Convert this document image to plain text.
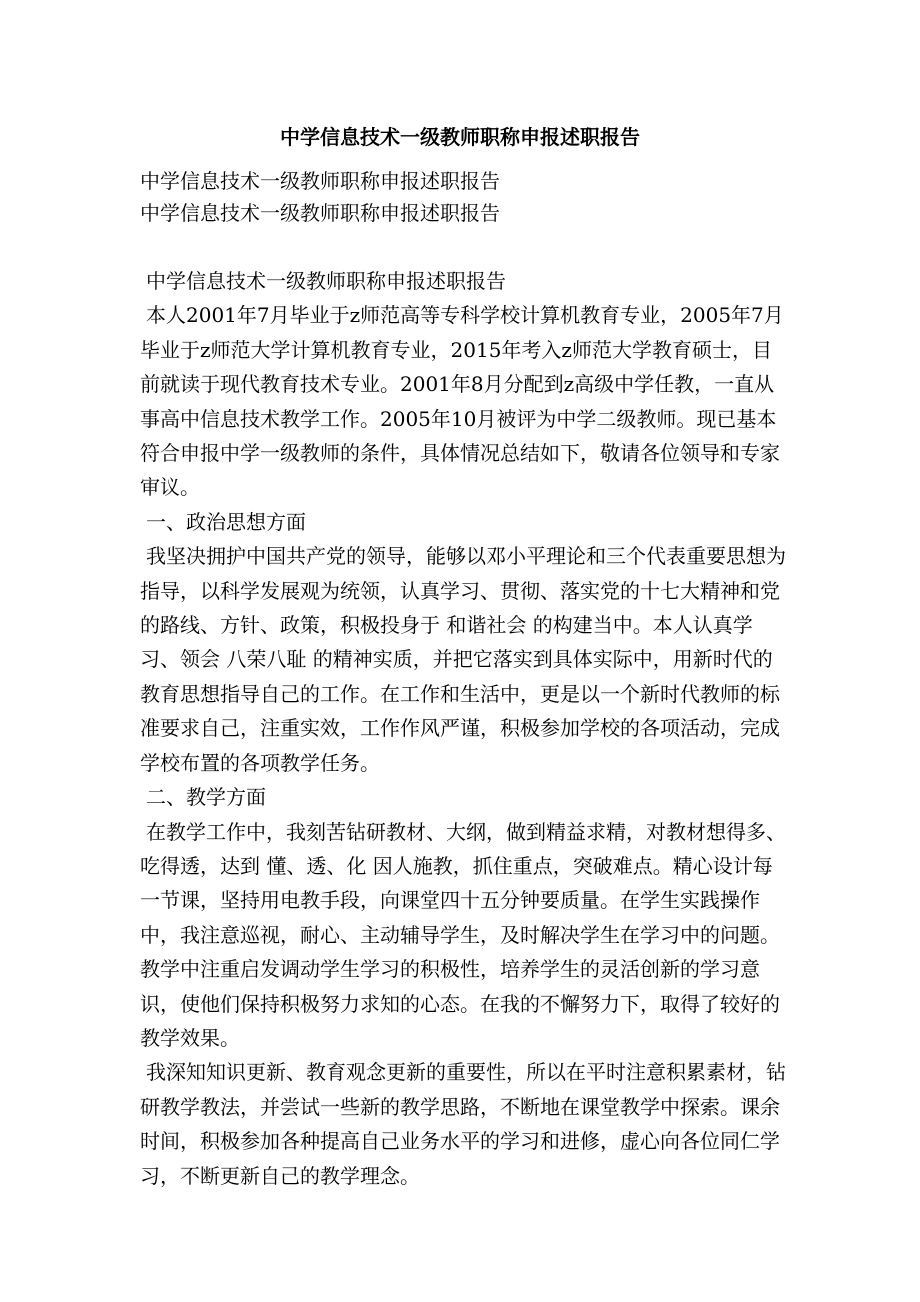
中学信息技术一级教师职称申报述职报告
中学信息技术一级教师职称申报述职报告
中学信息技术一级教师职称申报述职报告

中学信息技术一级教师职称申报述职报告

本人2001年7月毕业于z师范高等专科学校计算机教育专业，2005年7月毕业于z师范大学计算机教育专业，2015年考入z师范大学教育硕士，目前就读于现代教育技术专业。2001年8月分配到z高级中学任教，一直从事高中信息技术教学工作。2005年10月被评为中学二级教师。现已基本符合申报中学一级教师的条件，具体情况总结如下，敬请各位领导和专家审议。

一、政治思想方面

我坚决拥护中国共产党的领导，能够以邓小平理论和三个代表重要思想为指导，以科学发展观为统领，认真学习、贯彻、落实党的十七大精神和党的路线、方针、政策，积极投身于 和谐社会 的构建当中。本人认真学习、领会 八荣八耻 的精神实质，并把它落实到具体实际中，用新时代的教育思想指导自己的工作。在工作和生活中，更是以一个新时代教师的标准要求自己，注重实效，工作作风严谨，积极参加学校的各项活动，完成学校布置的各项教学任务。

二、教学方面

在教学工作中，我刻苦钻研教材、大纲，做到精益求精，对教材想得多、吃得透，达到 懂、透、化 因人施教，抓住重点，突破难点。精心设计每一节课，坚持用电教手段，向课堂四十五分钟要质量。在学生实践操作中，我注意巡视，耐心、主动辅导学生，及时解决学生在学习中的问题。教学中注重启发调动学生学习的积极性，培养学生的灵活创新的学习意识，使他们保持积极努力求知的心态。在我的不懈努力下，取得了较好的教学效果。

我深知知识更新、教育观念更新的重要性，所以在平时注意积累素材，钻研教学教法，并尝试一些新的教学思路，不断地在课堂教学中探索。课余时间，积极参加各种提高自己业务水平的学习和进修，虚心向各位同仁学习，不断更新自己的教学理念。
